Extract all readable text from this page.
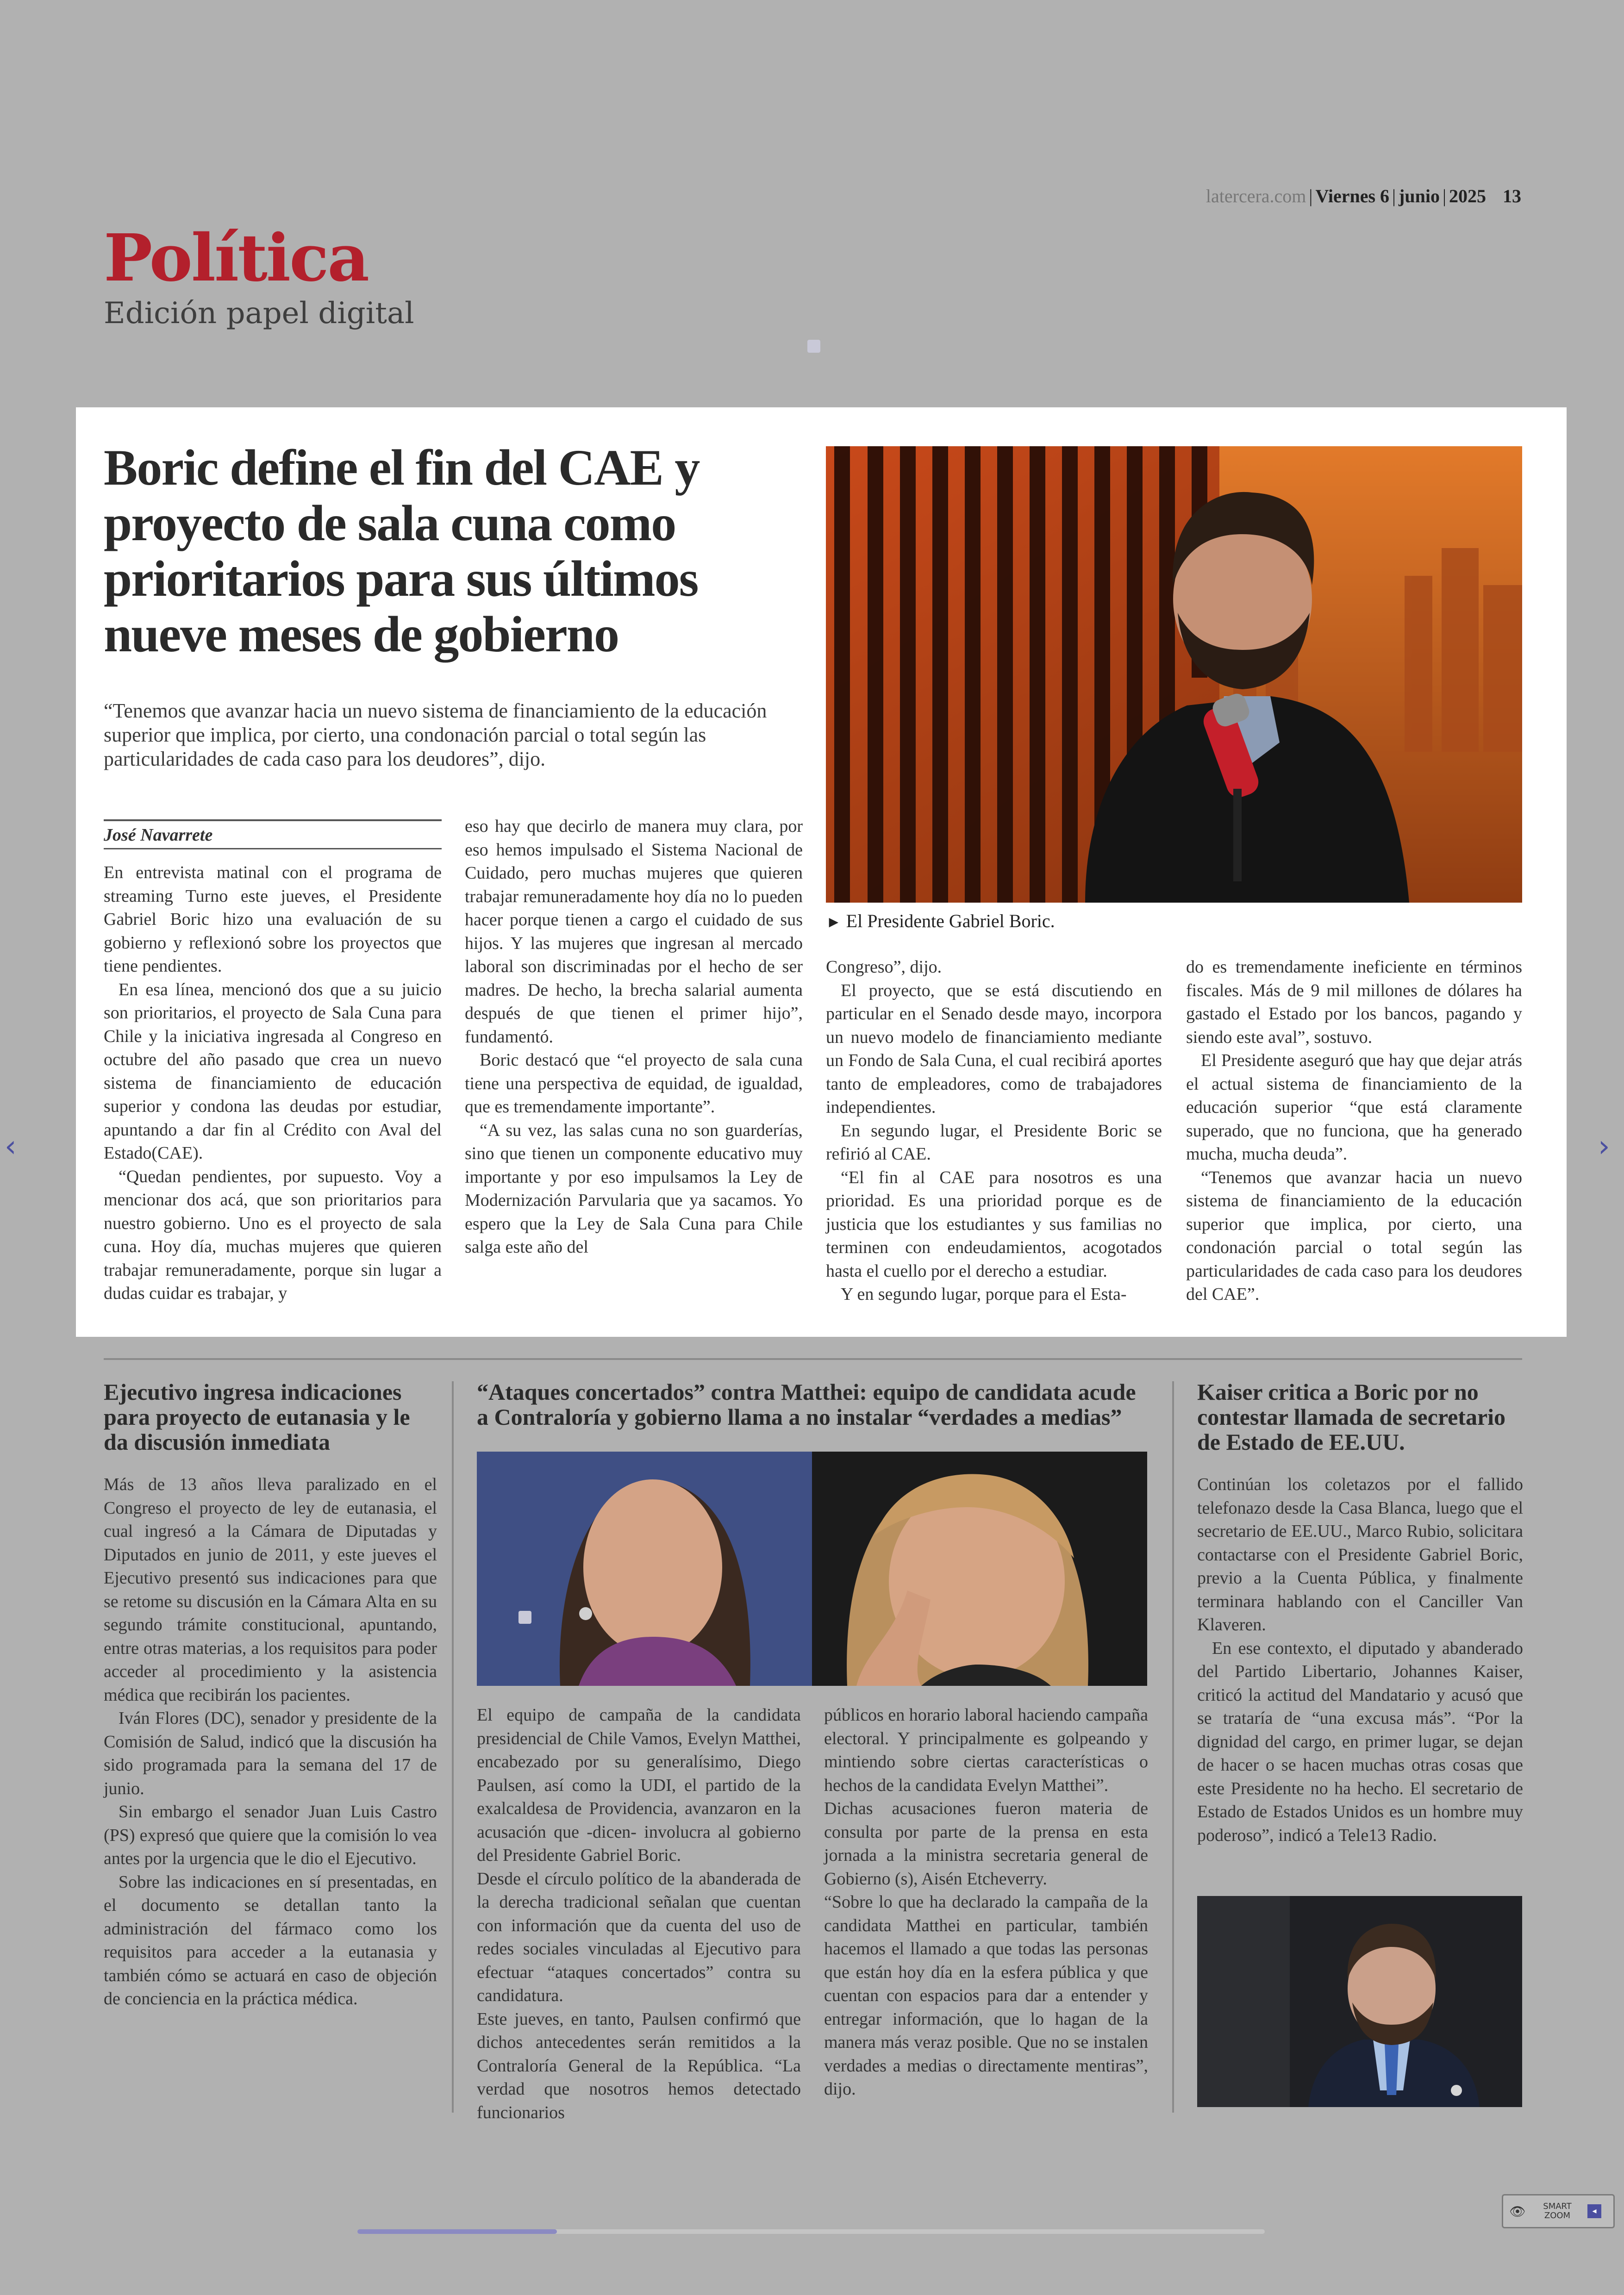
latercera.com | Viernes 6 | junio | 2025 13
Política
Edición papel digital
Boric define el fin del CAE y proyecto de sala cuna como prioritarios para sus últimos nueve meses de gobierno
“Tenemos que avanzar hacia un nuevo sistema de financiamiento de la educación superior que implica, por cierto, una condonación parcial o total según las particularidades de cada caso para los deudores”, dijo.
► El Presidente Gabriel Boric.
José Navarrete

En entrevista matinal con el programa de streaming Turno este jueves, el Presidente Gabriel Boric hizo una evaluación de su gobierno y reflexionó sobre los proyectos que tiene pendientes.

En esa línea, mencionó dos que a su juicio son prioritarios, el proyecto de Sala Cuna para Chile y la iniciativa ingresada al Congreso en octubre del año pasado que crea un nuevo sistema de financiamiento de educación superior y condona las deudas por estudiar, apuntando a dar fin al Crédito con Aval del Estado(CAE).

“Quedan pendientes, por supuesto. Voy a mencionar dos acá, que son prioritarios para nuestro gobierno. Uno es el proyecto de sala cuna. Hoy día, muchas mujeres que quieren trabajar remuneradamente, porque sin lugar a dudas cuidar es trabajar, y

eso hay que decirlo de manera muy clara, por eso hemos impulsado el Sistema Nacional de Cuidado, pero muchas mujeres que quieren trabajar remuneradamente hoy día no lo pueden hacer porque tienen a cargo el cuidado de sus hijos. Y las mujeres que ingresan al mercado laboral son discriminadas por el hecho de ser madres. De hecho, la brecha salarial aumenta después de que tienen el primer hijo”, fundamentó.

Boric destacó que “el proyecto de sala cuna tiene una perspectiva de equidad, de igualdad, que es tremendamente importante”.

“A su vez, las salas cuna no son guarderías, sino que tienen un componente educativo muy importante y por eso impulsamos la Ley de Modernización Parvularia que ya sacamos. Yo espero que la Ley de Sala Cuna para Chile salga este año del

Congreso”, dijo.

El proyecto, que se está discutiendo en particular en el Senado desde mayo, incorpora un nuevo modelo de financiamiento mediante un Fondo de Sala Cuna, el cual recibirá aportes tanto de empleadores, como de trabajadores independientes.

En segundo lugar, el Presidente Boric se refirió al CAE.

“El fin al CAE para nosotros es una prioridad. Es una prioridad porque es de justicia que los estudiantes y sus familias no terminen con endeudamientos, acogotados hasta el cuello por el derecho a estudiar.

Y en segundo lugar, porque para el Esta-

do es tremendamente ineficiente en términos fiscales. Más de 9 mil millones de dólares ha gastado el Estado por los bancos, pagando y siendo este aval”, sostuvo.

El Presidente aseguró que hay que dejar atrás el actual sistema de financiamiento de la educación superior “que está claramente superado, que no funciona, que ha generado mucha, mucha deuda”.

“Tenemos que avanzar hacia un nuevo sistema de financiamiento de la educación superior que implica, por cierto, una condonación parcial o total según las particularidades de cada caso para los deudores del CAE”.

Ejecutivo ingresa indicaciones para proyecto de eutanasia y le da discusión inmediata

Más de 13 años lleva paralizado en el Congreso el proyecto de ley de eutanasia, el cual ingresó a la Cámara de Diputadas y Diputados en junio de 2011, y este jueves el Ejecutivo presentó sus indicaciones para que se retome su discusión en la Cámara Alta en su segundo trámite constitucional, apuntando, entre otras materias, a los requisitos para poder acceder al procedimiento y la asistencia médica que recibirán los pacientes.

Iván Flores (DC), senador y presidente de la Comisión de Salud, indicó que la discusión ha sido programada para la semana del 17 de junio.

Sin embargo el senador Juan Luis Castro (PS) expresó que quiere que la comisión lo vea antes por la urgencia que le dio el Ejecutivo.

Sobre las indicaciones en sí presentadas, en el documento se detallan tanto la administración del fármaco como los requisitos para acceder a la eutanasia y también cómo se actuará en caso de objeción de conciencia en la práctica médica.

“Ataques concertados” contra Matthei: equipo de candidata acude a Contraloría y gobierno llama a no instalar “verdades a medias”

El equipo de campaña de la candidata presidencial de Chile Vamos, Evelyn Matthei, encabezado por su generalísimo, Diego Paulsen, así como la UDI, el partido de la exalcaldesa de Providencia, avanzaron en la acusación que -dicen- involucra al gobierno del Presidente Gabriel Boric.

Desde el círculo político de la abanderada de la derecha tradicional señalan que cuentan con información que da cuenta del uso de redes sociales vinculadas al Ejecutivo para efectuar “ataques concertados” contra su candidatura.

Este jueves, en tanto, Paulsen confirmó que dichos antecedentes serán remitidos a la Contraloría General de la República. “La verdad que nosotros hemos detectado funcionarios

públicos en horario laboral haciendo campaña electoral. Y principalmente es golpeando y mintiendo sobre ciertas características o hechos de la candidata Evelyn Matthei”.

Dichas acusaciones fueron materia de consulta por parte de la prensa en esta jornada a la ministra secretaria general de Gobierno (s), Aisén Etcheverry.

“Sobre lo que ha declarado la campaña de la candidata Matthei en particular, también hacemos el llamado a que todas las personas que están hoy día en la esfera pública y que cuentan con espacios para dar a entender y entregar información, que lo hagan de la manera más veraz posible. Que no se instalen verdades a medias o directamente mentiras”, dijo.

Kaiser critica a Boric por no contestar llamada de secretario de Estado de EE.UU.

Continúan los coletazos por el fallido telefonazo desde la Casa Blanca, luego que el secretario de EE.UU., Marco Rubio, solicitara contactarse con el Presidente Gabriel Boric, previo a la Cuenta Pública, y finalmente terminara hablando con el Canciller Van Klaveren.

En ese contexto, el diputado y abanderado del Partido Libertario, Johannes Kaiser, criticó la actitud del Mandatario y acusó que se trataría de “una excusa más”. “Por la dignidad del cargo, en primer lugar, se dejan de hacer o se hacen muchas otras cosas que este Presidente no ha hecho. El secretario de Estado de Estados Unidos es un hombre muy poderoso”, indicó a Tele13 Radio.

‹	›
👁	SMART
ZOOM	◂
